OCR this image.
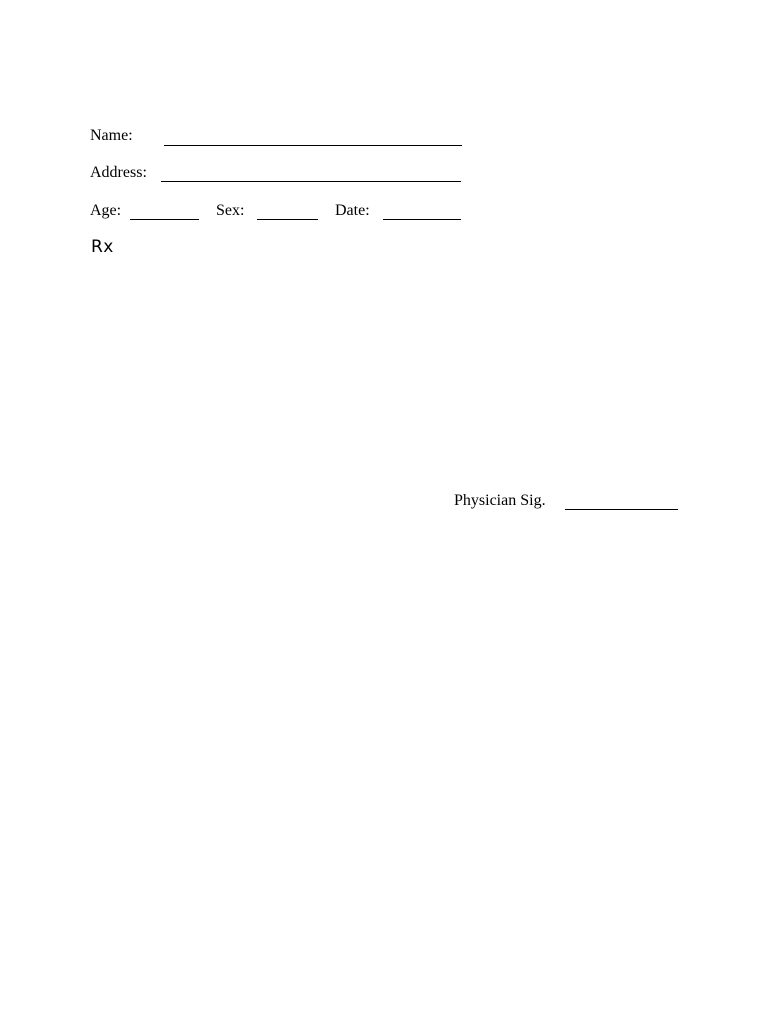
Name:
Address:
Age:	Sex:	Date:
Rx
Physician Sig.
